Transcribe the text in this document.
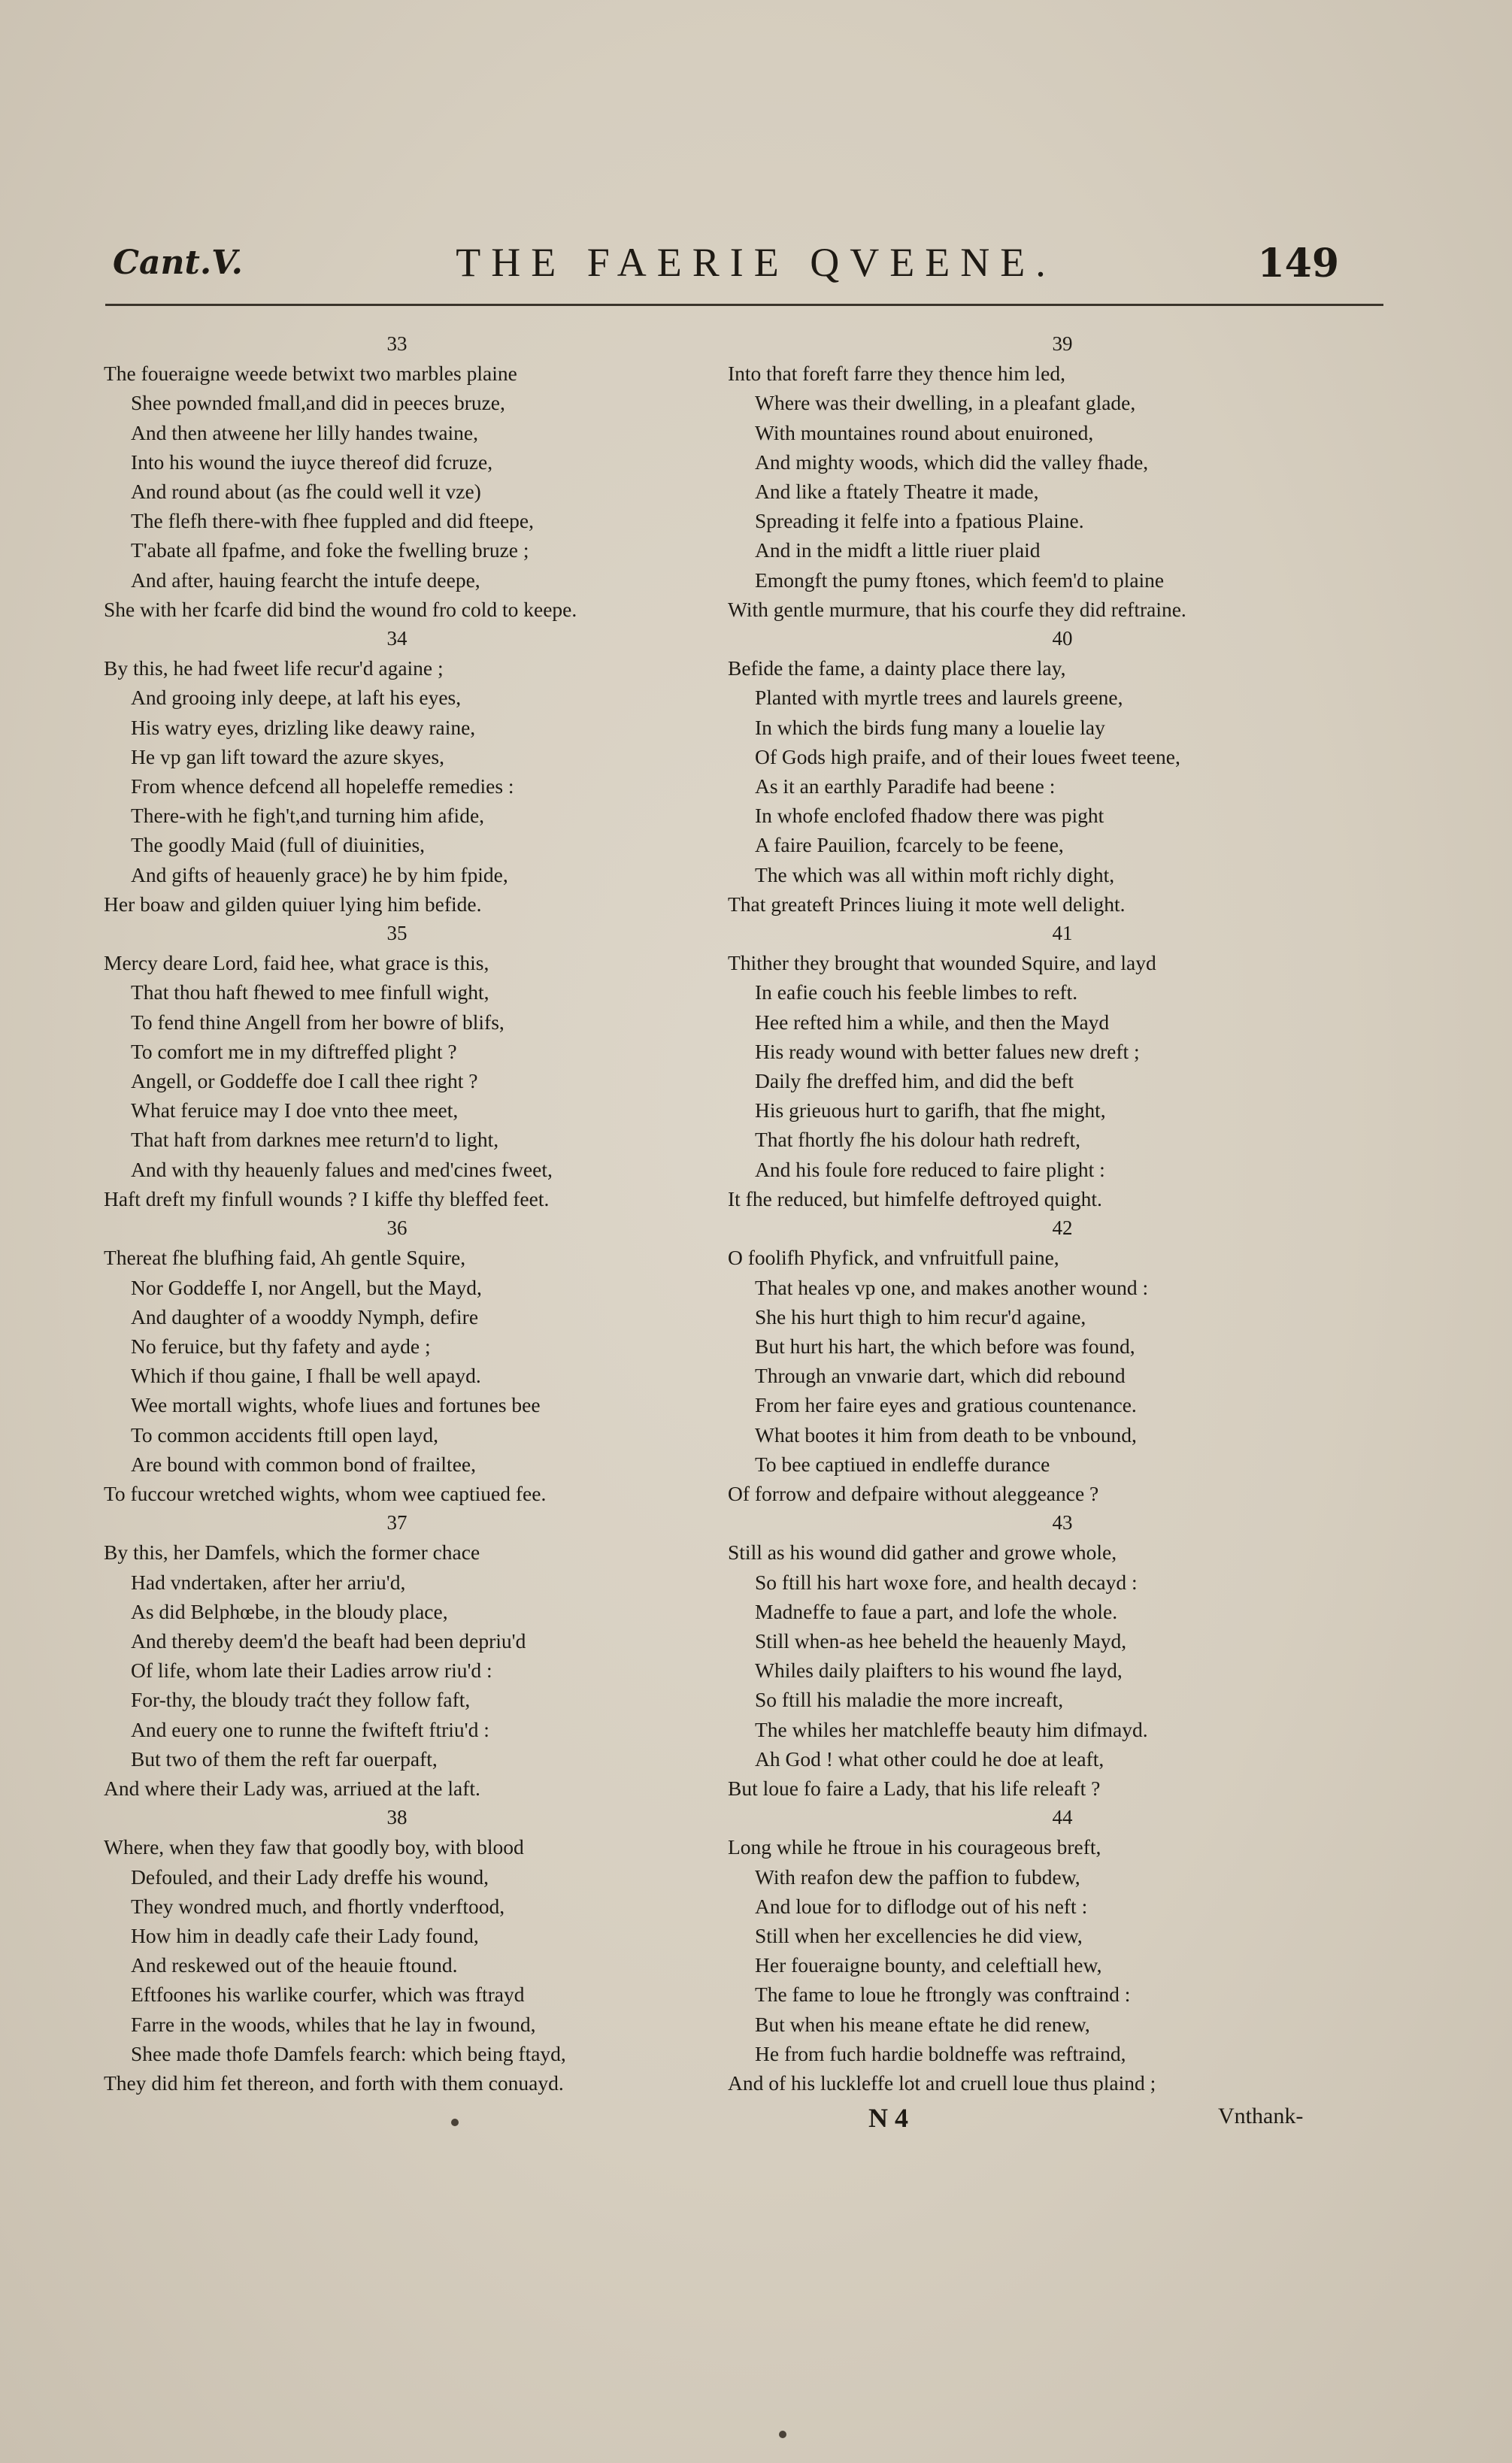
Cant.V.	THE FAERIE QVEENE.	149
33
The foueraigne weede betwixt two marbles plaine
Shee pownded fmall,and did in peeces bruze,
And then atweene her lilly handes twaine,
Into his wound the iuyce thereof did fcruze,
And round about (as fhe could well it vze)
The flefh there-with fhee fuppled and did fteepe,
T'abate all fpafme, and foke the fwelling bruze ;
And after, hauing fearcht the intufe deepe,
She with her fcarfe did bind the wound fro cold to keepe.
34
By this, he had fweet life recur'd againe ;
And grooing inly deepe, at laft his eyes,
His watry eyes, drizling like deawy raine,
He vp gan lift toward the azure skyes,
From whence defcend all hopeleffe remedies :
There-with he figh't,and turning him afide,
The goodly Maid (full of diuinities,
And gifts of heauenly grace) he by him fpide,
Her boaw and gilden quiuer lying him befide.
35
Mercy deare Lord, faid hee, what grace is this,
That thou haft fhewed to mee finfull wight,
To fend thine Angell from her bowre of blifs,
To comfort me in my diftreffed plight ?
Angell, or Goddeffe doe I call thee right ?
What feruice may I doe vnto thee meet,
That haft from darknes mee return'd to light,
And with thy heauenly falues and med'cines fweet,
Haft dreft my finfull wounds ? I kiffe thy bleffed feet.
36
Thereat fhe blufhing faid, Ah gentle Squire,
Nor Goddeffe I, nor Angell, but the Mayd,
And daughter of a wooddy Nymph, defire
No feruice, but thy fafety and ayde ;
Which if thou gaine, I fhall be well apayd.
Wee mortall wights, whofe liues and fortunes bee
To common accidents ftill open layd,
Are bound with common bond of frailtee,
To fuccour wretched wights, whom wee captiued fee.
37
By this, her Damfels, which the former chace
Had vndertaken, after her arriu'd,
As did Belphœbe, in the bloudy place,
And thereby deem'd the beaft had been depriu'd
Of life, whom late their Ladies arrow riu'd :
For-thy, the bloudy traćt they follow faft,
And euery one to runne the fwifteft ftriu'd :
But two of them the reft far ouerpaft,
And where their Lady was, arriued at the laft.
38
Where, when they faw that goodly boy, with blood
Defouled, and their Lady dreffe his wound,
They wondred much, and fhortly vnderftood,
How him in deadly cafe their Lady found,
And reskewed out of the heauie ftound.
Eftfoones his warlike courfer, which was ftrayd
Farre in the woods, whiles that he lay in fwound,
Shee made thofe Damfels fearch: which being ftayd,
They did him fet thereon, and forth with them conuayd.
39
Into that foreft farre they thence him led,
Where was their dwelling, in a pleafant glade,
With mountaines round about enuironed,
And mighty woods, which did the valley fhade,
And like a ftately Theatre it made,
Spreading it felfe into a fpatious Plaine.
And in the midft a little riuer plaid
Emongft the pumy ftones, which feem'd to plaine
With gentle murmure, that his courfe they did reftraine.
40
Befide the fame, a dainty place there lay,
Planted with myrtle trees and laurels greene,
In which the birds fung many a louelie lay
Of Gods high praife, and of their loues fweet teene,
As it an earthly Paradife had beene :
In whofe enclofed fhadow there was pight
A faire Pauilion, fcarcely to be feene,
The which was all within moft richly dight,
That greateft Princes liuing it mote well delight.
41
Thither they brought that wounded Squire, and layd
In eafie couch his feeble limbes to reft.
Hee refted him a while, and then the Mayd
His ready wound with better falues new dreft ;
Daily fhe dreffed him, and did the beft
His grieuous hurt to garifh, that fhe might,
That fhortly fhe his dolour hath redreft,
And his foule fore reduced to faire plight :
It fhe reduced, but himfelfe deftroyed quight.
42
O foolifh Phyfick, and vnfruitfull paine,
That heales vp one, and makes another wound :
She his hurt thigh to him recur'd againe,
But hurt his hart, the which before was found,
Through an vnwarie dart, which did rebound
From her faire eyes and gratious countenance.
What bootes it him from death to be vnbound,
To bee captiued in endleffe durance
Of forrow and defpaire without aleggeance ?
43
Still as his wound did gather and growe whole,
So ftill his hart woxe fore, and health decayd :
Madneffe to faue a part, and lofe the whole.
Still when-as hee beheld the heauenly Mayd,
Whiles daily plaifters to his wound fhe layd,
So ftill his maladie the more increaft,
The whiles her matchleffe beauty him difmayd.
Ah God ! what other could he doe at leaft,
But loue fo faire a Lady, that his life releaft ?
44
Long while he ftroue in his courageous breft,
With reafon dew the paffion to fubdew,
And loue for to diflodge out of his neft :
Still when her excellencies he did view,
Her foueraigne bounty, and celeftiall hew,
The fame to loue he ftrongly was conftraind :
But when his meane eftate he did renew,
He from fuch hardie boldneffe was reftraind,
And of his luckleffe lot and cruell loue thus plaind ;
N 4	Vnthank-
